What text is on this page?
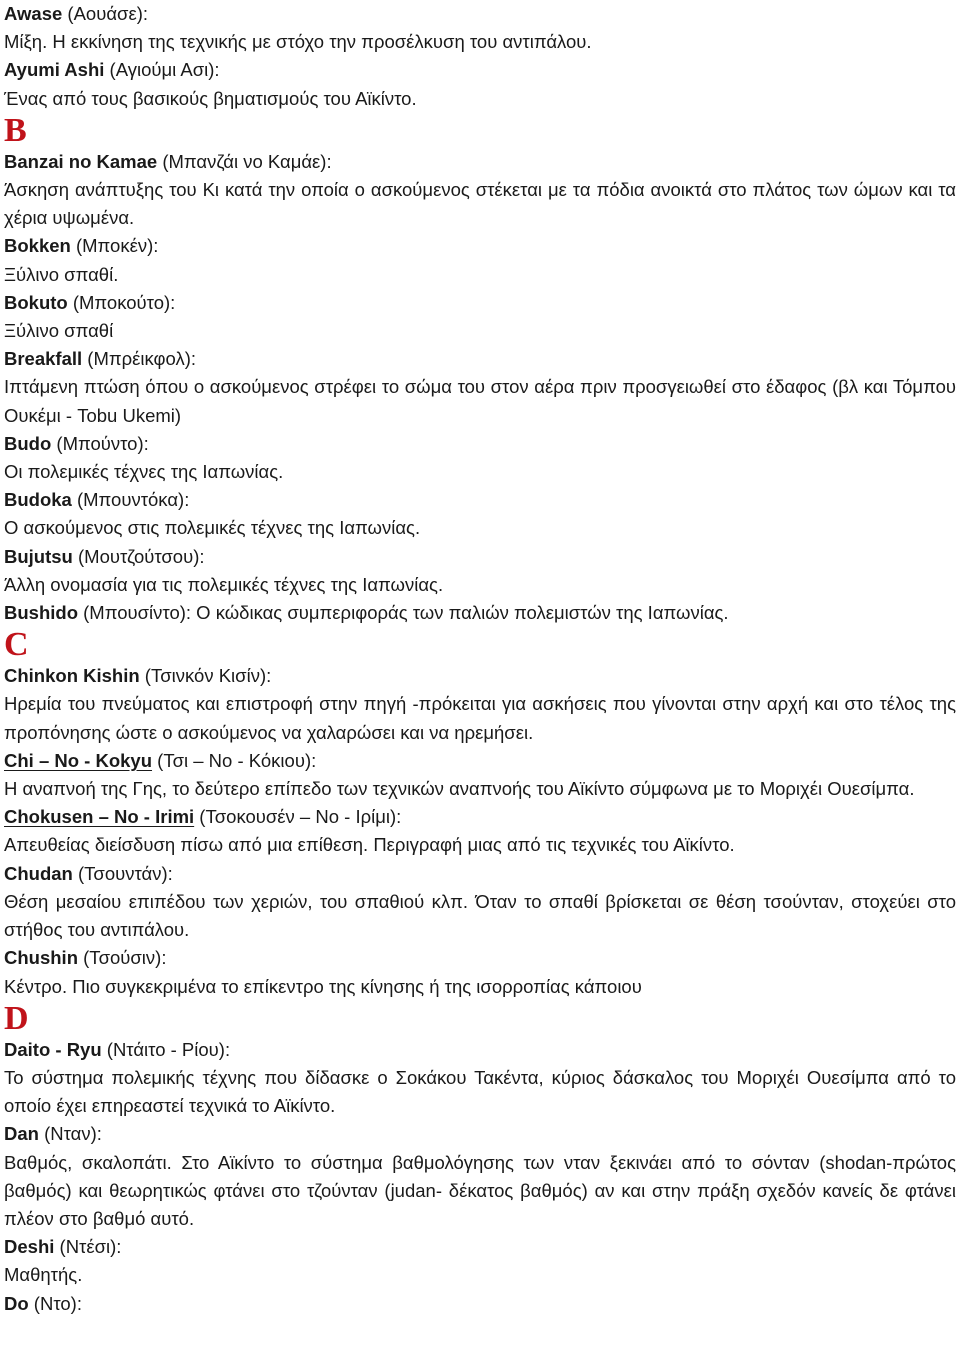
Awase (Αουάσε):
Μίξη. Η εκκίνηση της τεχνικής με στόχο την προσέλκυση του αντιπάλου.
Ayumi Ashi (Αγιούμι Ασι):
Ένας από τους βασικούς βηματισμούς του Αϊκίντο.
B
Banzai no Kamae (Μπανζάι νο Καμάε):
Άσκηση ανάπτυξης του Κι κατά την οποία ο ασκούμενος στέκεται με τα πόδια ανοικτά στο πλάτος των ώμων και τα χέρια υψωμένα.
Bokken (Μποκέν):
Ξύλινο σπαθί.
Bokuto (Μποκούτο):
Ξύλινο σπαθί
Breakfall (Μπρέικφολ):
Ιπτάμενη πτώση όπου ο ασκούμενος στρέφει το σώμα του στον αέρα πριν προσγειωθεί στο έδαφος (βλ και Τόμπου Ουκέμι - Tobu Ukemi)
Budo (Μπούντο):
Οι πολεμικές τέχνες της Ιαπωνίας.
Budoka (Μπουντόκα):
Ο ασκούμενος στις πολεμικές τέχνες της Ιαπωνίας.
Bujutsu (Μουτζούτσου):
Άλλη ονομασία για τις πολεμικές τέχνες της Ιαπωνίας.
Bushido (Μπουσίντο): Ο κώδικας συμπεριφοράς των παλιών πολεμιστών της Ιαπωνίας.
C
Chinkon Kishin (Τσινκόν Κισίν):
Ηρεμία του πνεύματος και επιστροφή στην πηγή -πρόκειται για ασκήσεις που γίνονται στην αρχή και στο τέλος της προπόνησης ώστε ο ασκούμενος να χαλαρώσει και να ηρεμήσει.
Chi – No - Kokyu (Τσι – Νο - Κόκιου):
Η αναπνοή της Γης, το δεύτερο επίπεδο των τεχνικών αναπνοής του Αϊκίντο σύμφωνα με το Μοριχέι Ουεσίμπα.
Chokusen – No - Irimi (Τσοκουσέν – Νο - Ιρίμι):
Απευθείας διείσδυση πίσω από μια επίθεση. Περιγραφή μιας από τις τεχνικές του Αϊκίντο.
Chudan (Τσουντάν):
Θέση μεσαίου επιπέδου των χεριών, του σπαθιού κλπ. Όταν το σπαθί βρίσκεται σε θέση τσούνταν, στοχεύει στο στήθος του αντιπάλου.
Chushin (Τσούσιν):
Κέντρο. Πιο συγκεκριμένα το επίκεντρο της κίνησης ή της ισορροπίας κάποιου
D
Daito - Ryu (Ντάιτο - Ρίου):
Το σύστημα πολεμικής τέχνης που δίδασκε ο Σοκάκου Τακέντα, κύριος δάσκαλος του Μοριχέι Ουεσίμπα από το οποίο έχει επηρεαστεί τεχνικά το Αϊκίντο.
Dan (Νταν):
Βαθμός, σκαλοπάτι. Στο Αϊκίντο το σύστημα βαθμολόγησης των νταν ξεκινάει από το σόνταν (shodan-πρώτος βαθμός) και θεωρητικώς φτάνει στο τζούνταν (judan- δέκατος βαθμός) αν και στην πράξη σχεδόν κανείς δε φτάνει πλέον στο βαθμό αυτό.
Deshi (Ντέσι):
Μαθητής.
Do (Ντο):
